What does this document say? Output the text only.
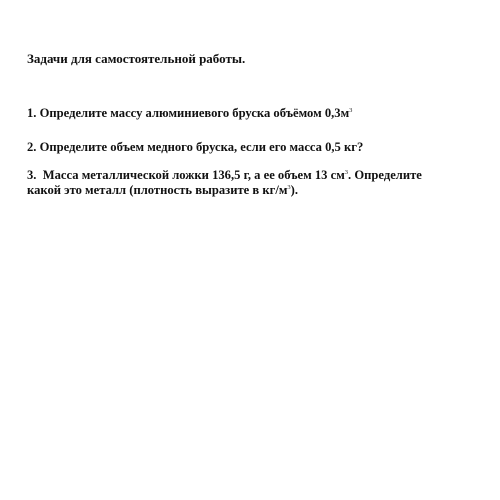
Задачи для самостоятельной работы.
1. Определите массу алюминиевого бруска объёмом $0,3м^3$
2. Определите объем медного бруска, если его масса 0,5 кг?
3. Масса металлической ложки 136,5 г, а ее объем 13 $см^3$. Определите
какой это металл (плотность выразите в $кг/м^3$).
